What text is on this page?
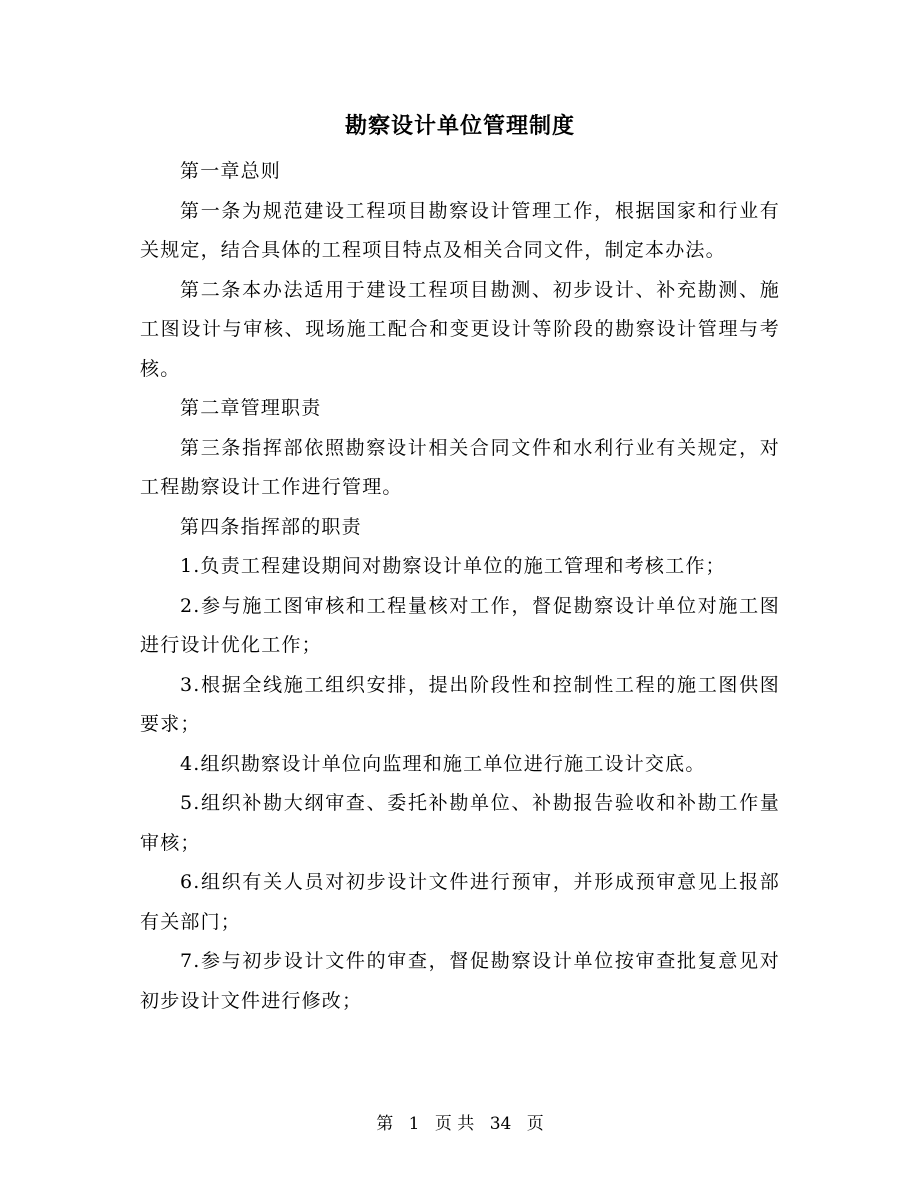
勘察设计单位管理制度

第一章总则

第一条为规范建设工程项目勘察设计管理工作，根据国家和行业有关规定，结合具体的工程项目特点及相关合同文件，制定本办法。

第二条本办法适用于建设工程项目勘测、初步设计、补充勘测、施工图设计与审核、现场施工配合和变更设计等阶段的勘察设计管理与考核。

第二章管理职责

第三条指挥部依照勘察设计相关合同文件和水利行业有关规定，对工程勘察设计工作进行管理。

第四条指挥部的职责

1.负责工程建设期间对勘察设计单位的施工管理和考核工作；

2.参与施工图审核和工程量核对工作，督促勘察设计单位对施工图进行设计优化工作；

3.根据全线施工组织安排，提出阶段性和控制性工程的施工图供图要求；

4.组织勘察设计单位向监理和施工单位进行施工设计交底。

5.组织补勘大纲审查、委托补勘单位、补勘报告验收和补勘工作量审核；

6.组织有关人员对初步设计文件进行预审，并形成预审意见上报部有关部门；

7.参与初步设计文件的审查，督促勘察设计单位按审查批复意见对初步设计文件进行修改；

第 1 页 共 34 页
